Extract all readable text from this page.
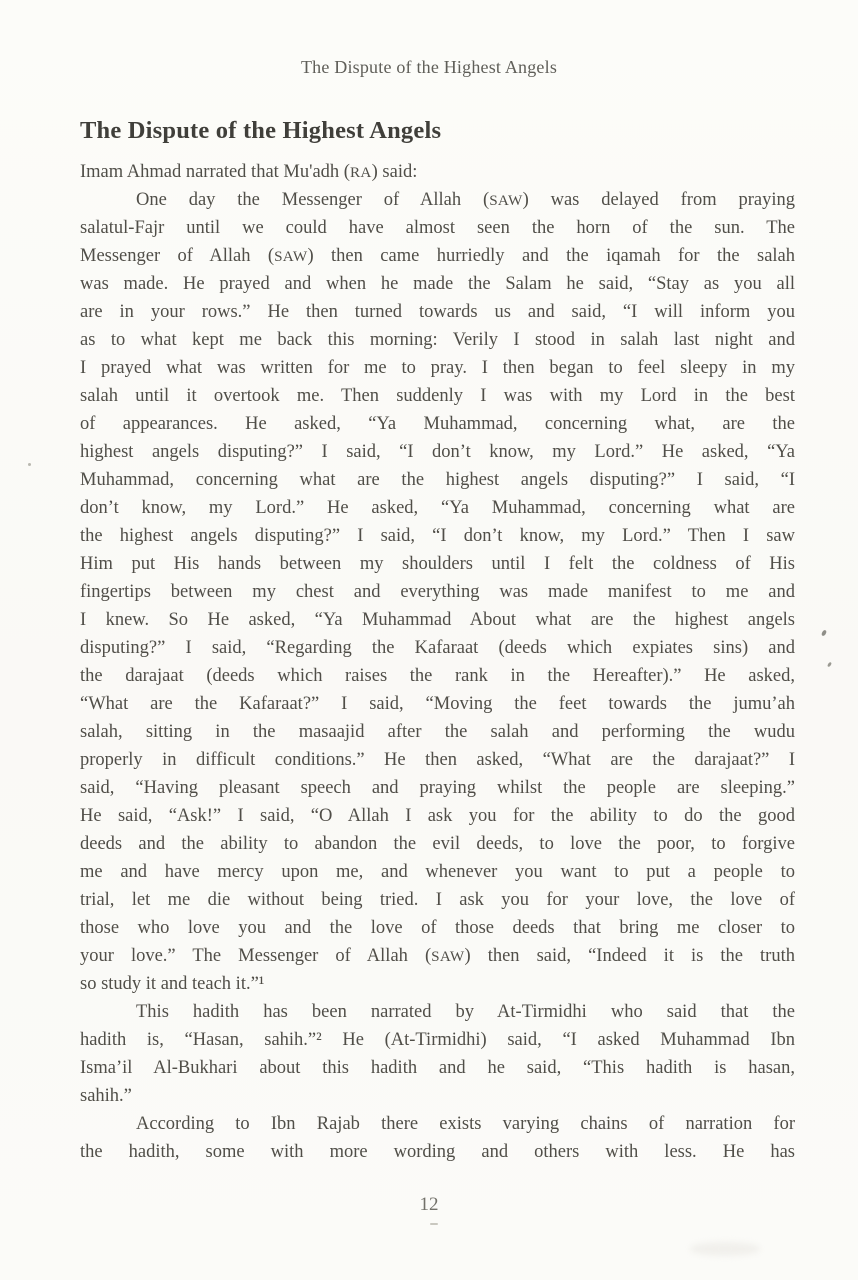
The Dispute of the Highest Angels
The Dispute of the Highest Angels
Imam Ahmad narrated that Mu'adh (RA) said:
One day the Messenger of Allah (SAW) was delayed from praying
salatul-Fajr until we could have almost seen the horn of the sun. The
Messenger of Allah (SAW) then came hurriedly and the iqamah for the salah
was made. He prayed and when he made the Salam he said, “Stay as you all
are in your rows.” He then turned towards us and said, “I will inform you
as to what kept me back this morning: Verily I stood in salah last night and
I prayed what was written for me to pray. I then began to feel sleepy in my
salah until it overtook me. Then suddenly I was with my Lord in the best
of appearances. He asked, “Ya Muhammad, concerning what, are the
highest angels disputing?” I said, “I don’t know, my Lord.” He asked, “Ya
Muhammad, concerning what are the highest angels disputing?” I said, “I
don’t know, my Lord.” He asked, “Ya Muhammad, concerning what are
the highest angels disputing?” I said, “I don’t know, my Lord.” Then I saw
Him put His hands between my shoulders until I felt the coldness of His
fingertips between my chest and everything was made manifest to me and
I knew. So He asked, “Ya Muhammad About what are the highest angels
disputing?” I said, “Regarding the Kafaraat (deeds which expiates sins) and
the darajaat (deeds which raises the rank in the Hereafter).” He asked,
“What are the Kafaraat?” I said, “Moving the feet towards the jumu’ah
salah, sitting in the masaajid after the salah and performing the wudu
properly in difficult conditions.” He then asked, “What are the darajaat?” I
said, “Having pleasant speech and praying whilst the people are sleeping.”
He said, “Ask!” I said, “O Allah I ask you for the ability to do the good
deeds and the ability to abandon the evil deeds, to love the poor, to forgive
me and have mercy upon me, and whenever you want to put a people to
trial, let me die without being tried. I ask you for your love, the love of
those who love you and the love of those deeds that bring me closer to
your love.” The Messenger of Allah (SAW) then said, “Indeed it is the truth
so study it and teach it.”¹
This hadith has been narrated by At-Tirmidhi who said that the
hadith is, “Hasan, sahih.”² He (At-Tirmidhi) said, “I asked Muhammad Ibn
Isma’il Al-Bukhari about this hadith and he said, “This hadith is hasan,
sahih.”
According to Ibn Rajab there exists varying chains of narration for
the hadith, some with more wording and others with less. He has
12
